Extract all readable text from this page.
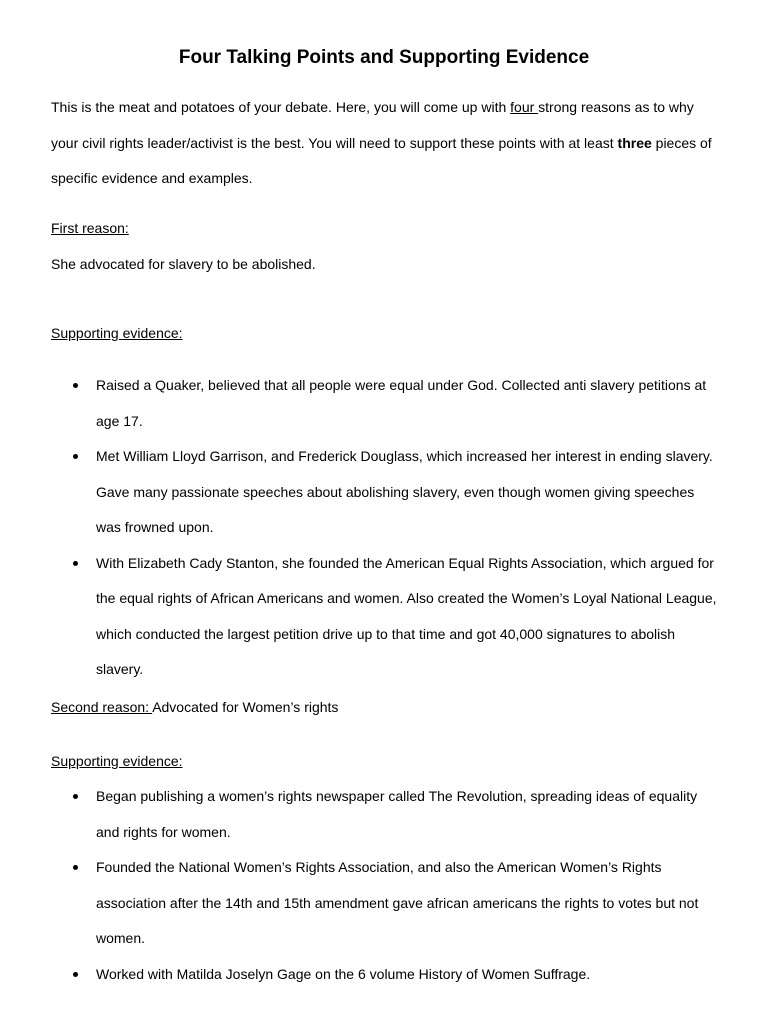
Four Talking Points and Supporting Evidence
This is the meat and potatoes of your debate. Here, you will come up with four strong reasons as to why your civil rights leader/activist is the best. You will need to support these points with at least three pieces of specific evidence and examples.
First reason:
She advocated for slavery to be abolished.
Supporting evidence:
Raised a Quaker, believed that all people were equal under God. Collected anti slavery petitions at age 17.
Met William Lloyd Garrison, and Frederick Douglass, which increased her interest in ending slavery. Gave many passionate speeches about abolishing slavery, even though women giving speeches was frowned upon.
With Elizabeth Cady Stanton, she founded the American Equal Rights Association, which argued for the equal rights of African Americans and women. Also created the Women’s Loyal National League, which conducted the largest petition drive up to that time and got 40,000 signatures to abolish slavery.
Second reason: Advocated for Women’s rights
Supporting evidence:
Began publishing a women’s rights newspaper called The Revolution, spreading ideas of equality and rights for women.
Founded the National Women’s Rights Association, and also the American Women’s Rights association after the 14th and 15th amendment gave african americans the rights to votes but not women.
Worked with Matilda Joselyn Gage on the 6 volume History of Women Suffrage.
